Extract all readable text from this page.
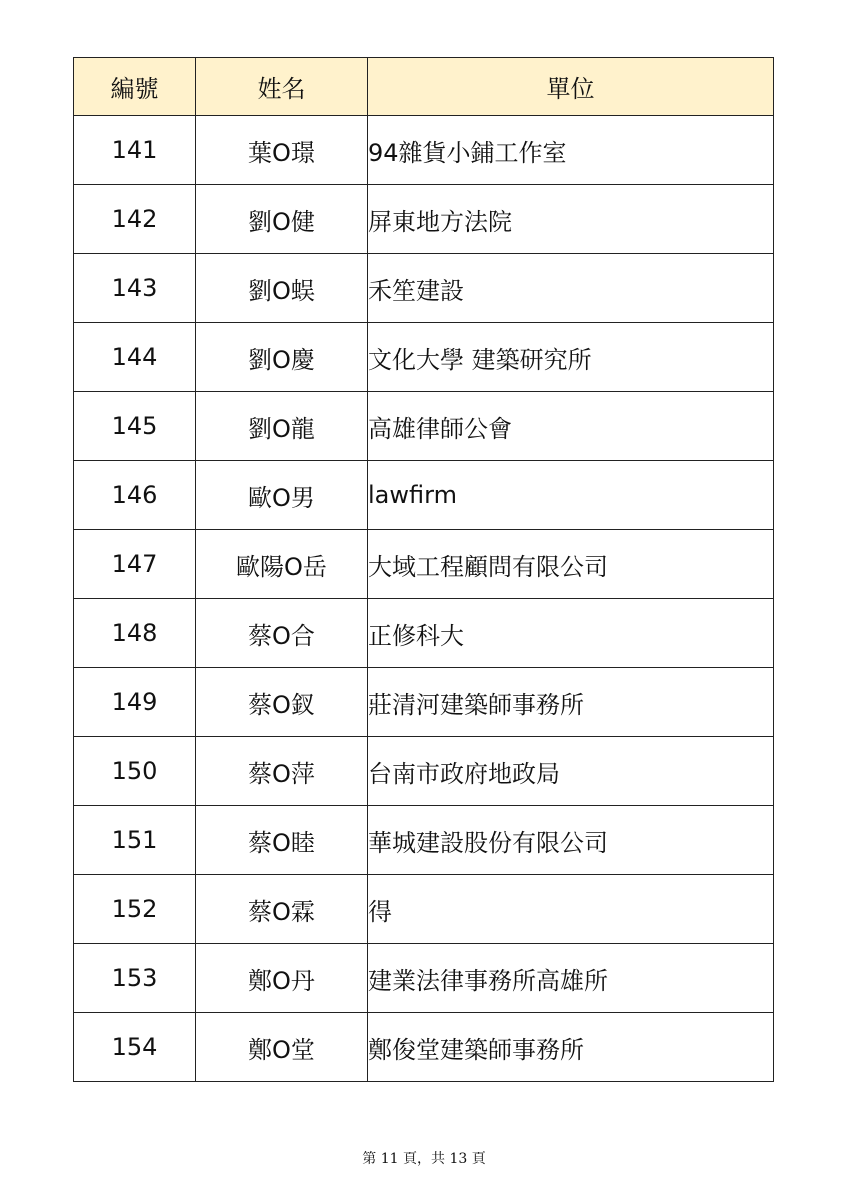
編號	姓名	單位
141	葉O璟	94雜貨小鋪工作室
142	劉O健	屏東地方法院
143	劉O蜈	禾笙建設
144	劉O慶	文化大學 建築研究所
145	劉O龍	高雄律師公會
146	歐O男	lawfirm
147	歐陽O岳	大域工程顧問有限公司
148	蔡O合	正修科大
149	蔡O釵	莊清河建築師事務所
150	蔡O萍	台南市政府地政局
151	蔡O睦	華城建設股份有限公司
152	蔡O霖	得
153	鄭O丹	建業法律事務所高雄所
154	鄭O堂	鄭俊堂建築師事務所
第 11 頁，共 13 頁
